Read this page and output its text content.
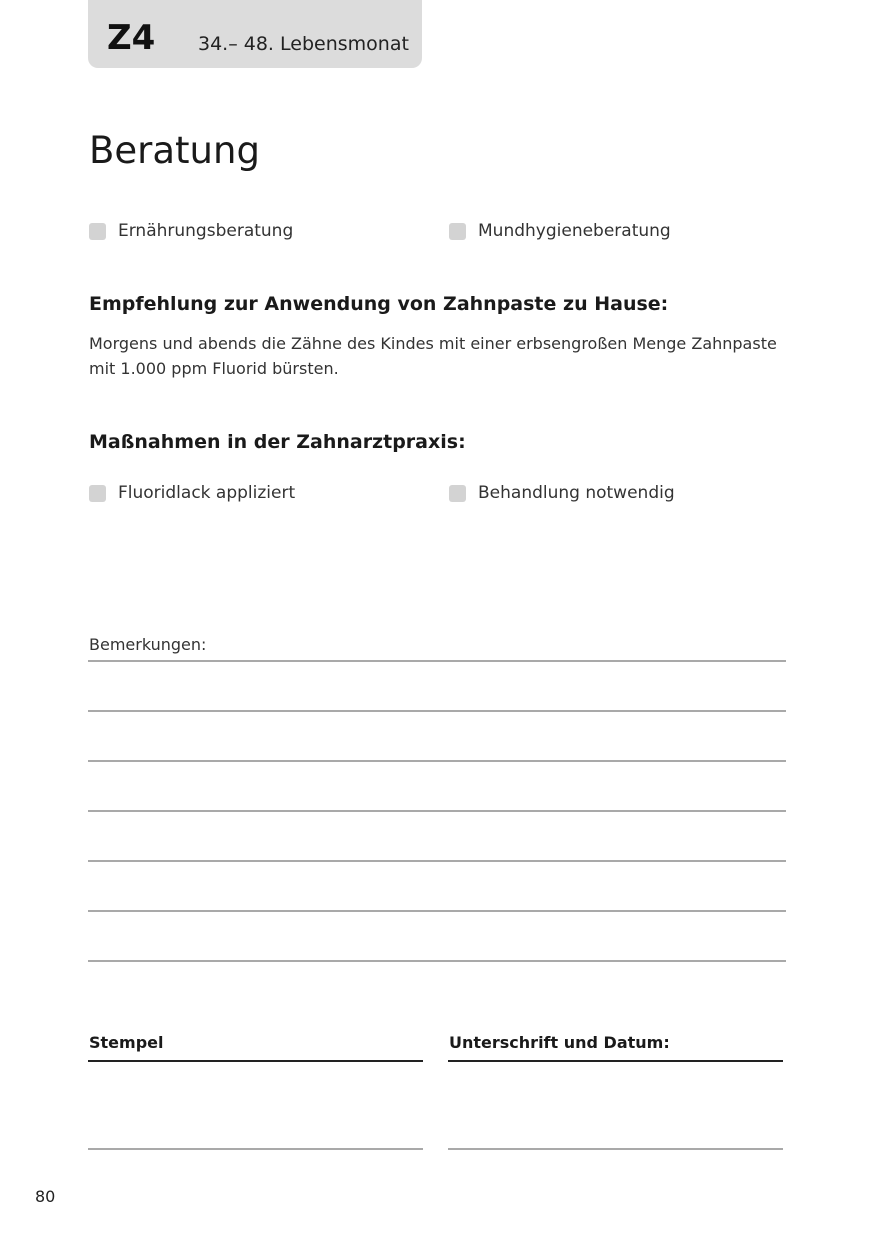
Z4 34.– 48. Lebensmonat
Beratung
Ernährungsberatung	Mundhygieneberatung
Empfehlung zur Anwendung von Zahnpaste zu Hause:
Morgens und abends die Zähne des Kindes mit einer erbsengroßen Menge Zahnpaste mit 1.000 ppm Fluorid bürsten.
Maßnahmen in der Zahnarztpraxis:
Fluoridlack appliziert	Behandlung notwendig
Bemerkungen:
Stempel	Unterschrift und Datum:
80
